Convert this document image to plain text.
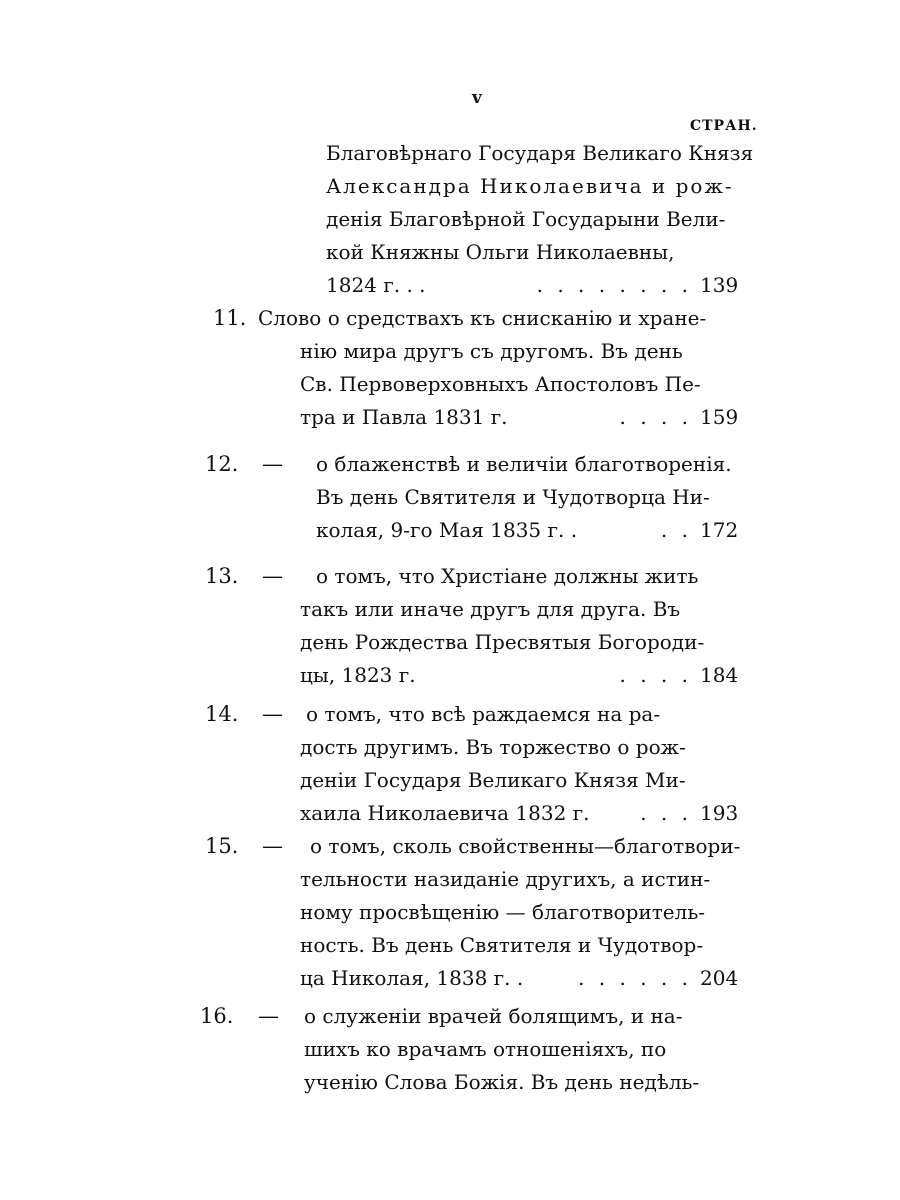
v
СТРАН.
Благовѣрнаго Государя Великаго Князя
Александра Николаевича и рож-
денія Благовѣрной Государыни Вели-
кой Княжны Ольги Николаевны,
1824 г. . .	. . . . . . . . 139
11. Слово о средствахъ къ снисканію и хране-
нію мира другъ съ другомъ. Въ день
Св. Первоверховныхъ Апостоловъ Пе-
тра и Павла 1831 г.	. . . . 159
12. — о блаженствѣ и величіи благотворенія.
Въ день Святителя и Чудотворца Ни-
колая, 9-го Мая 1835 г. .	. . 172
13. — о томъ, что Христіане должны жить
такъ или иначе другъ для друга. Въ
день Рождества Пресвятыя Богороди-
цы, 1823 г.	. . . . 184
14. — о томъ, что всѣ раждаемся на ра-
дость другимъ. Въ торжество о рож-
деніи Государя Великаго Князя Ми-
хаила Николаевича 1832 г.	. . . 193
15. — о томъ, сколь свойственны—благотвори-
тельности назиданіе другихъ, а истин-
ному просвѣщенію — благотворитель-
ность. Въ день Святителя и Чудотвор-
ца Николая, 1838 г. .	. . . . . . 204
16. — о служеніи врачей болящимъ, и на-
шихъ ко врачамъ отношеніяхъ, по
ученію Слова Божія. Въ день недѣль-
